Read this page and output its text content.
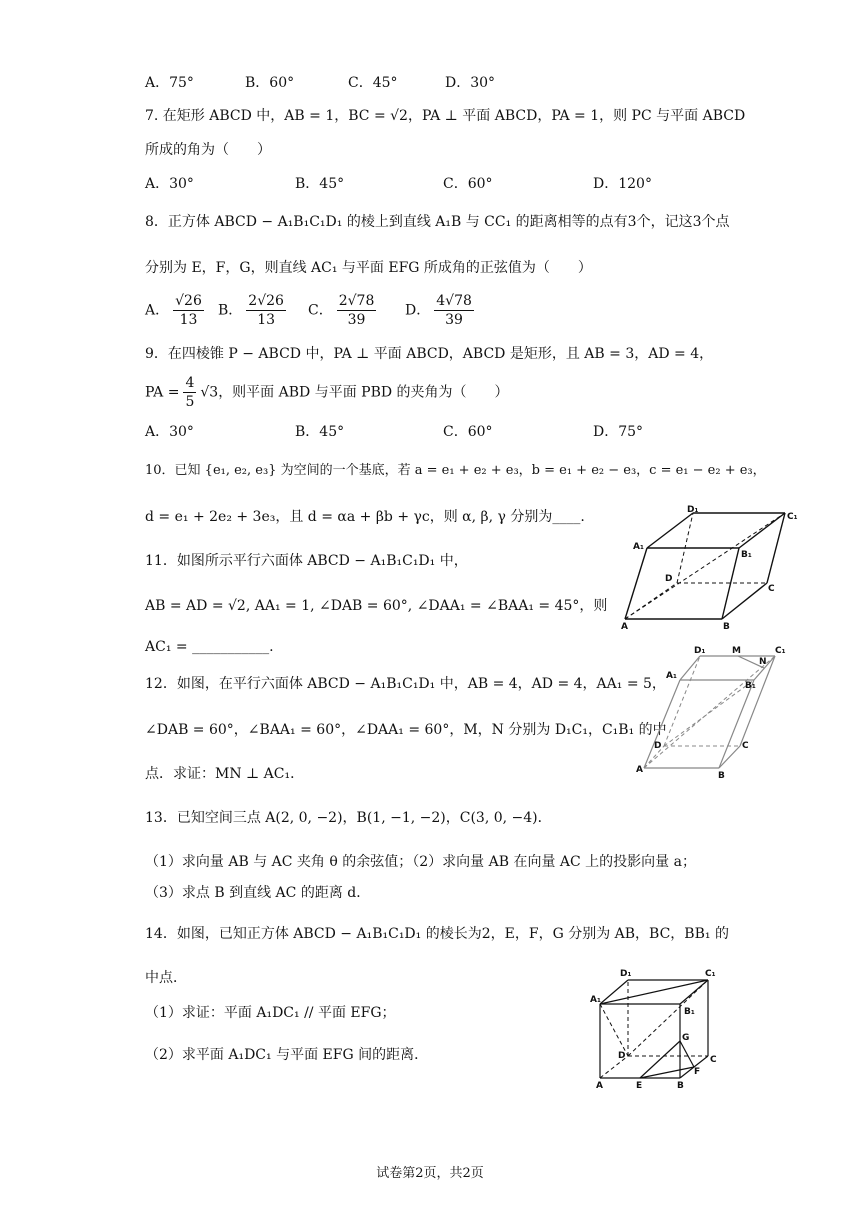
A．75°	B．60°	C．45°	D．30°
7. 在矩形 ABCD 中，AB = 1，BC = √2，PA ⊥ 平面 ABCD，PA = 1，则 PC 与平面 ABCD
所成的角为（　　）
A．30°	B．45°	C．60°	D．120°
8．正方体 ABCD − A₁B₁C₁D₁ 的棱上到直线 A₁B 与 CC₁ 的距离相等的点有3个，记这3个点
分别为 E，F，G，则直线 AC₁ 与平面 EFG 所成角的正弦值为（　　）
A． $\frac{√26}{13}$ B． $\frac{2√26}{13}$ C． $\frac{2√78}{39}$ D． $\frac{4√78}{39}$
9．在四棱锥 P − ABCD 中，PA ⊥ 平面 ABCD，ABCD 是矩形，且 AB = 3，AD = 4，
PA = $\frac{4}{5} √3$，则平面 ABD 与平面 PBD 的夹角为（　　）
A．30°	B．45°	C．60°	D．75°
10．已知 {e₁, e₂, e₃} 为空间的一个基底，若 a = e₁ + e₂ + e₃，b = e₁ + e₂ − e₃，c = e₁ − e₂ + e₃，
d = e₁ + 2e₂ + 3e₃，且 d = αa + βb + γc，则 α, β, γ 分别为____.
11．如图所示平行六面体 ABCD − A₁B₁C₁D₁ 中，
AB = AD = √2, AA₁ = 1, ∠DAB = 60°, ∠DAA₁ = ∠BAA₁ = 45°，则
AC₁ = ___________.
D₁
C₁
A₁
B₁
D
C
A	B
12．如图，在平行六面体 ABCD − A₁B₁C₁D₁ 中，AB = 4，AD = 4，AA₁ = 5，
∠DAB = 60°，∠BAA₁ = 60°，∠DAA₁ = 60°，M，N 分别为 D₁C₁，C₁B₁ 的中
点．求证：MN ⊥ AC₁．
D₁	M	C₁
N
A₁
B₁
D	C
A
B
13．已知空间三点 A(2, 0, −2)，B(1, −1, −2)，C(3, 0, −4)．
（1）求向量 AB 与 AC 夹角 θ 的余弦值；（2）求向量 AB 在向量 AC 上的投影向量 a；
（3）求点 B 到直线 AC 的距离 d．
14．如图，已知正方体 ABCD − A₁B₁C₁D₁ 的棱长为2，E，F，G 分别为 AB，BC，BB₁ 的
中点．
（1）求证：平面 A₁DC₁ // 平面 EFG；
（2）求平面 A₁DC₁ 与平面 EFG 间的距离．
D₁	C₁
A₁
B₁
D
G
C
A	E	B
F
试卷第2页，共2页
